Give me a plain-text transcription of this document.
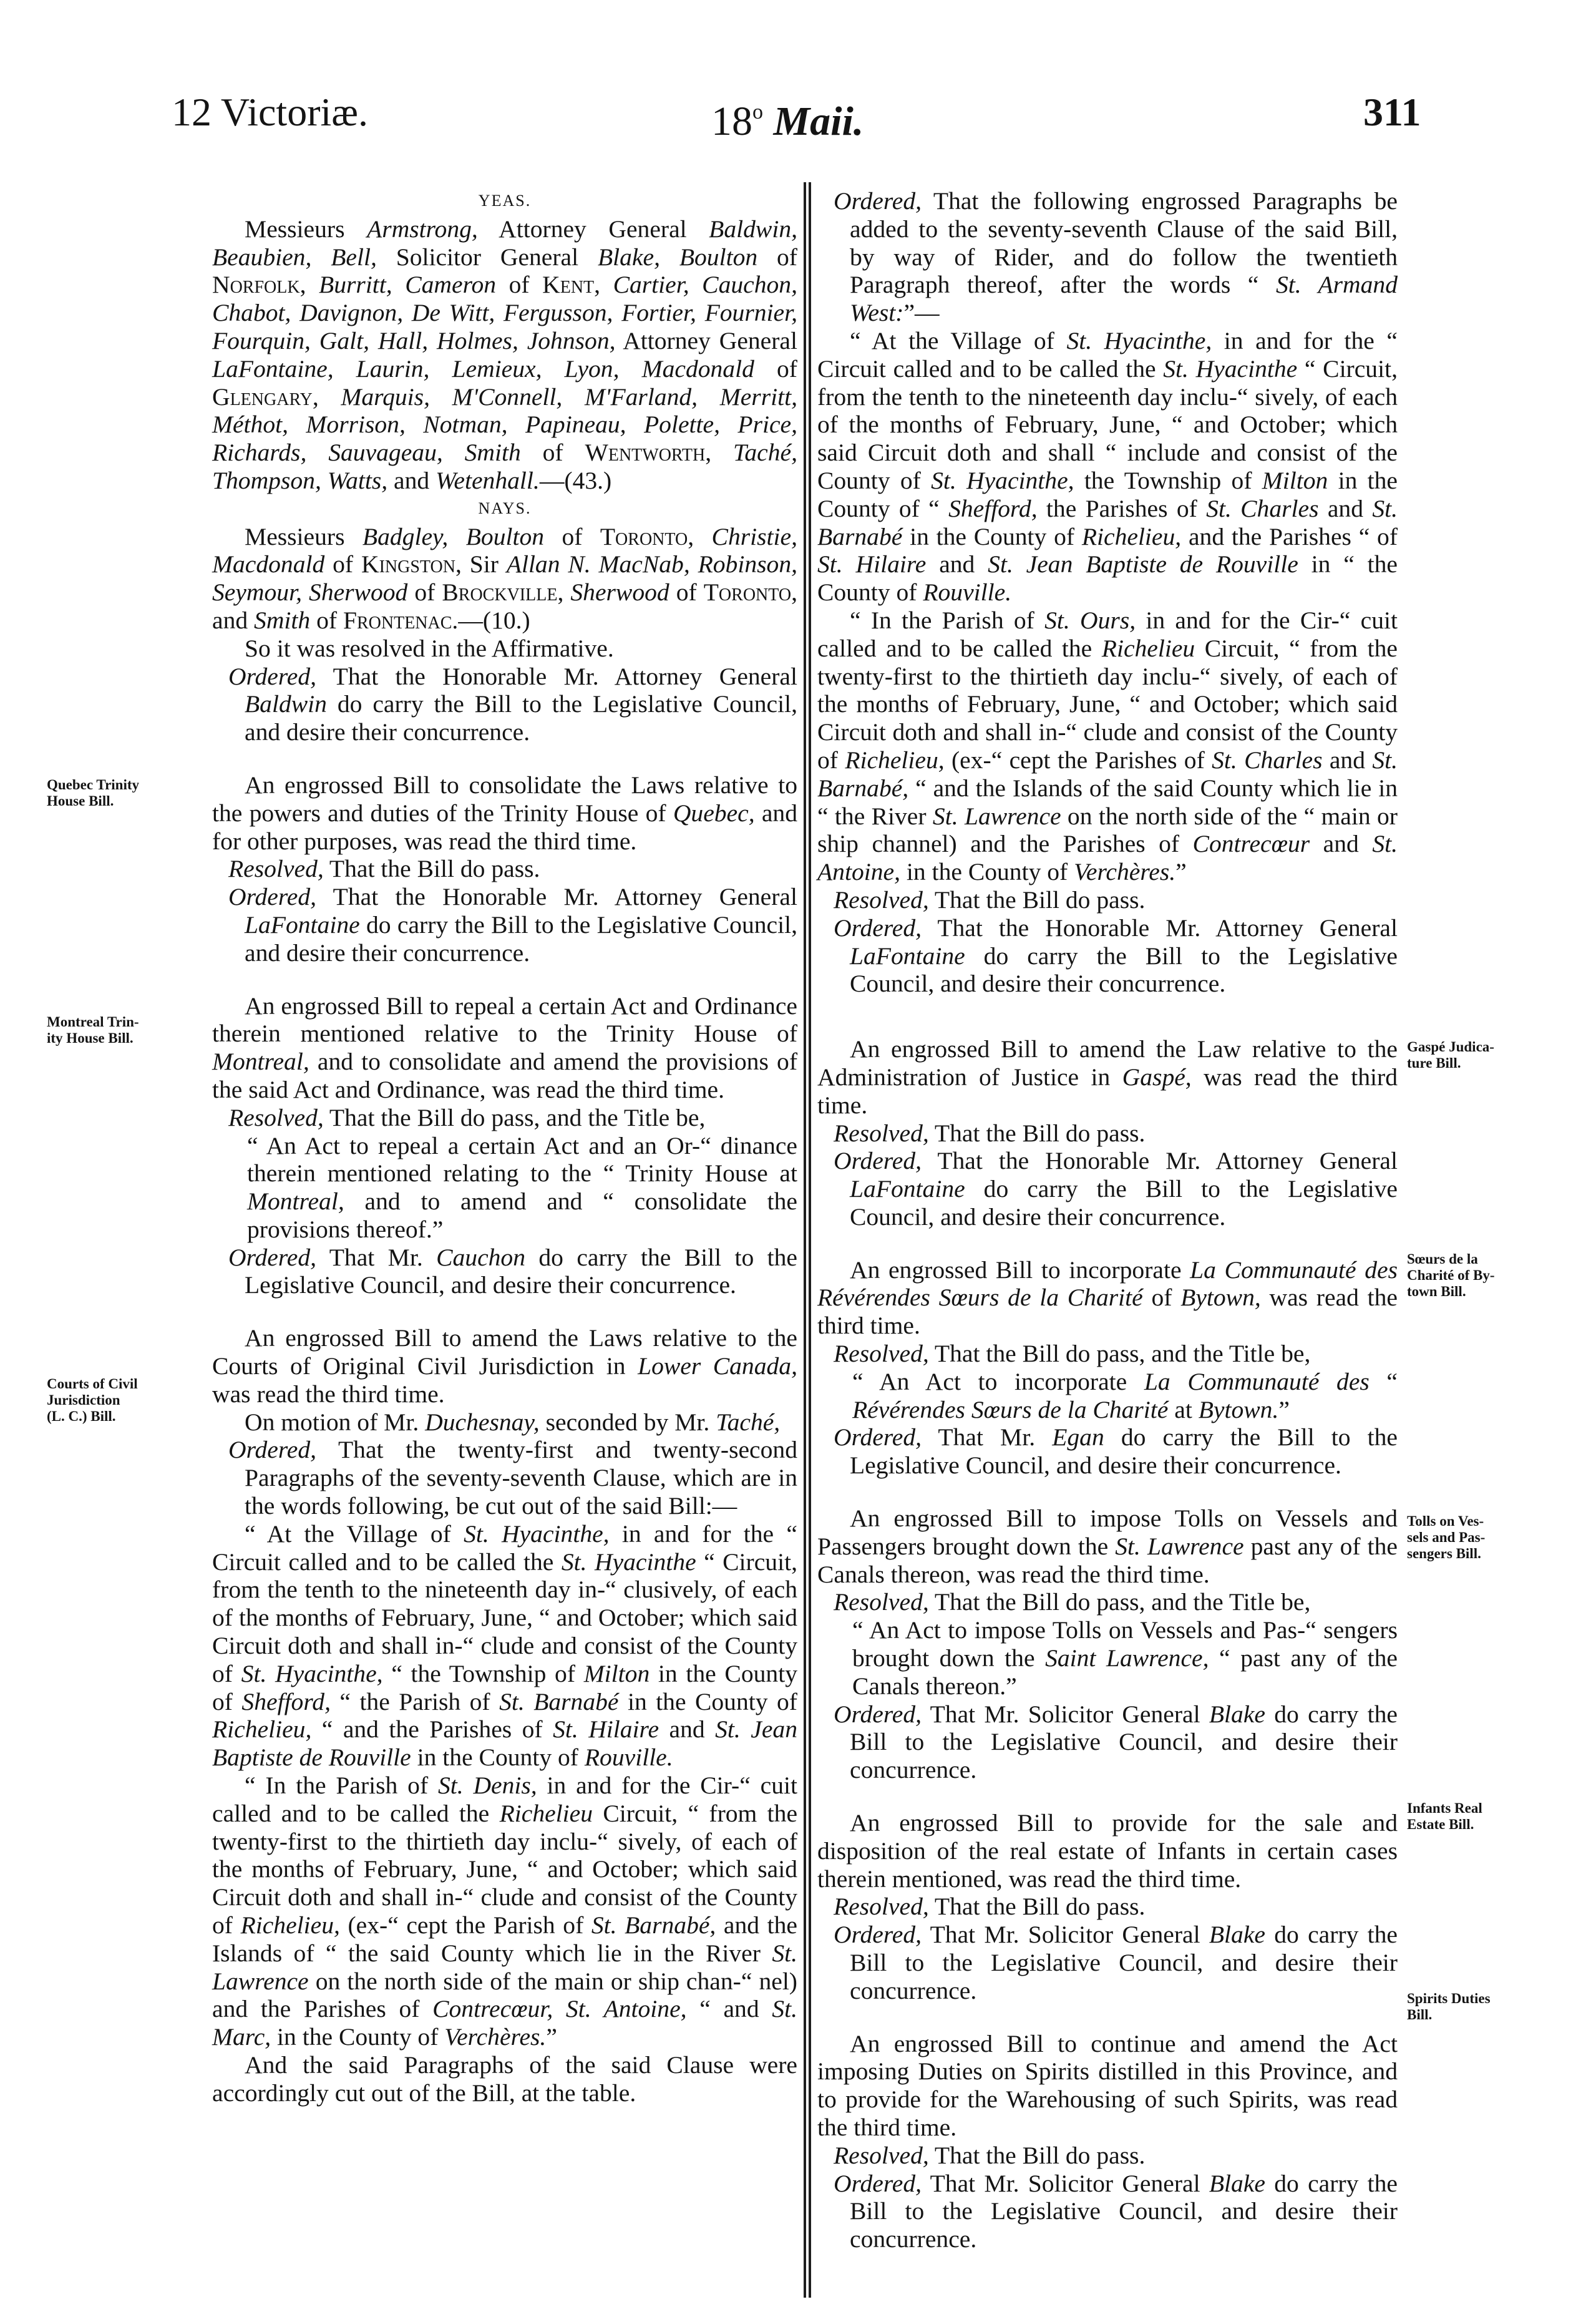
12 Victoriæ.	18$^o$ Maii.	311

YEAS.

Messieurs Armstrong, Attorney General Baldwin, Beaubien, Bell, Solicitor General Blake, Boulton of Norfolk, Burritt, Cameron of Kent, Cartier, Cauchon, Chabot, Davignon, De Witt, Fergusson, Fortier, Fournier, Fourquin, Galt, Hall, Holmes, Johnson, Attorney General LaFontaine, Laurin, Lemieux, Lyon, Macdonald of Glengary, Marquis, M'Connell, M'Farland, Merritt, Méthot, Morrison, Notman, Papineau, Polette, Price, Richards, Sauvageau, Smith of Wentworth, Taché, Thompson, Watts, and Wetenhall.—(43.)

NAYS.

Messieurs Badgley, Boulton of Toronto, Christie, Macdonald of Kingston, Sir Allan N. MacNab, Robinson, Seymour, Sherwood of Brockville, Sherwood of Toronto, and Smith of Frontenac.—(10.)

So it was resolved in the Affirmative.

Ordered, That the Honorable Mr. Attorney General Baldwin do carry the Bill to the Legislative Council, and desire their concurrence.

An engrossed Bill to consolidate the Laws relative to the powers and duties of the Trinity House of Quebec, and for other purposes, was read the third time.

Resolved, That the Bill do pass.

Ordered, That the Honorable Mr. Attorney General LaFontaine do carry the Bill to the Legislative Council, and desire their concurrence.

An engrossed Bill to repeal a certain Act and Ordinance therein mentioned relative to the Trinity House of Montreal, and to consolidate and amend the provisions of the said Act and Ordinance, was read the third time.

Resolved, That the Bill do pass, and the Title be,

“ An Act to repeal a certain Act and an Or-“ dinance therein mentioned relating to the “ Trinity House at Montreal, and to amend and “ consolidate the provisions thereof.”

Ordered, That Mr. Cauchon do carry the Bill to the Legislative Council, and desire their concurrence.

An engrossed Bill to amend the Laws relative to the Courts of Original Civil Jurisdiction in Lower Canada, was read the third time.

On motion of Mr. Duchesnay, seconded by Mr. Taché,

Ordered, That the twenty-first and twenty-second Paragraphs of the seventy-seventh Clause, which are in the words following, be cut out of the said Bill:—

“ At the Village of St. Hyacinthe, in and for the “ Circuit called and to be called the St. Hyacinthe “ Circuit, from the tenth to the nineteenth day in-“ clusively, of each of the months of February, June, “ and October; which said Circuit doth and shall in-“ clude and consist of the County of St. Hyacinthe, “ the Township of Milton in the County of Shefford, “ the Parish of St. Barnabé in the County of Richelieu, “ and the Parishes of St. Hilaire and St. Jean Baptiste de Rouville in the County of Rouville.

“ In the Parish of St. Denis, in and for the Cir-“ cuit called and to be called the Richelieu Circuit, “ from the twenty-first to the thirtieth day inclu-“ sively, of each of the months of February, June, “ and October; which said Circuit doth and shall in-“ clude and consist of the County of Richelieu, (ex-“ cept the Parish of St. Barnabé, and the Islands of “ the said County which lie in the River St. Lawrence on the north side of the main or ship chan-“ nel) and the Parishes of Contrecœur, St. Antoine, “ and St. Marc, in the County of Verchères.”

And the said Paragraphs of the said Clause were accordingly cut out of the Bill, at the table.

Ordered, That the following engrossed Paragraphs be added to the seventy-seventh Clause of the said Bill, by way of Rider, and do follow the twentieth Paragraph thereof, after the words “ St. Armand West:”—

“ At the Village of St. Hyacinthe, in and for the “ Circuit called and to be called the St. Hyacinthe “ Circuit, from the tenth to the nineteenth day inclu-“ sively, of each of the months of February, June, “ and October; which said Circuit doth and shall “ include and consist of the County of St. Hyacinthe, the Township of Milton in the County of “ Shefford, the Parishes of St. Charles and St. Barnabé in the County of Richelieu, and the Parishes “ of St. Hilaire and St. Jean Baptiste de Rouville in “ the County of Rouville.

“ In the Parish of St. Ours, in and for the Cir-“ cuit called and to be called the Richelieu Circuit, “ from the twenty-first to the thirtieth day inclu-“ sively, of each of the months of February, June, “ and October; which said Circuit doth and shall in-“ clude and consist of the County of Richelieu, (ex-“ cept the Parishes of St. Charles and St. Barnabé, “ and the Islands of the said County which lie in “ the River St. Lawrence on the north side of the “ main or ship channel) and the Parishes of Contrecœur and St. Antoine, in the County of Verchères.”

Resolved, That the Bill do pass.

Ordered, That the Honorable Mr. Attorney General LaFontaine do carry the Bill to the Legislative Council, and desire their concurrence.

An engrossed Bill to amend the Law relative to the Administration of Justice in Gaspé, was read the third time.

Resolved, That the Bill do pass.

Ordered, That the Honorable Mr. Attorney General LaFontaine do carry the Bill to the Legislative Council, and desire their concurrence.

An engrossed Bill to incorporate La Communauté des Révérendes Sœurs de la Charité of Bytown, was read the third time.

Resolved, That the Bill do pass, and the Title be,

“ An Act to incorporate La Communauté des “ Révérendes Sœurs de la Charité at Bytown.”

Ordered, That Mr. Egan do carry the Bill to the Legislative Council, and desire their concurrence.

An engrossed Bill to impose Tolls on Vessels and Passengers brought down the St. Lawrence past any of the Canals thereon, was read the third time.

Resolved, That the Bill do pass, and the Title be,

“ An Act to impose Tolls on Vessels and Pas-“ sengers brought down the Saint Lawrence, “ past any of the Canals thereon.”

Ordered, That Mr. Solicitor General Blake do carry the Bill to the Legislative Council, and desire their concurrence.

An engrossed Bill to provide for the sale and disposition of the real estate of Infants in certain cases therein mentioned, was read the third time.

Resolved, That the Bill do pass.

Ordered, That Mr. Solicitor General Blake do carry the Bill to the Legislative Council, and desire their concurrence.

An engrossed Bill to continue and amend the Act imposing Duties on Spirits distilled in this Province, and to provide for the Warehousing of such Spirits, was read the third time.

Resolved, That the Bill do pass.

Ordered, That Mr. Solicitor General Blake do carry the Bill to the Legislative Council, and desire their concurrence.

Quebec Trinity
House Bill.
Montreal Trin-
ity House Bill.
Courts of Civil
Jurisdiction
(L. C.) Bill.
Gaspé Judica-
ture Bill.
Sœurs de la
Charité of By-
town Bill.
Tolls on Ves-
sels and Pas-
sengers Bill.
Infants Real
Estate Bill.
Spirits Duties
Bill.
